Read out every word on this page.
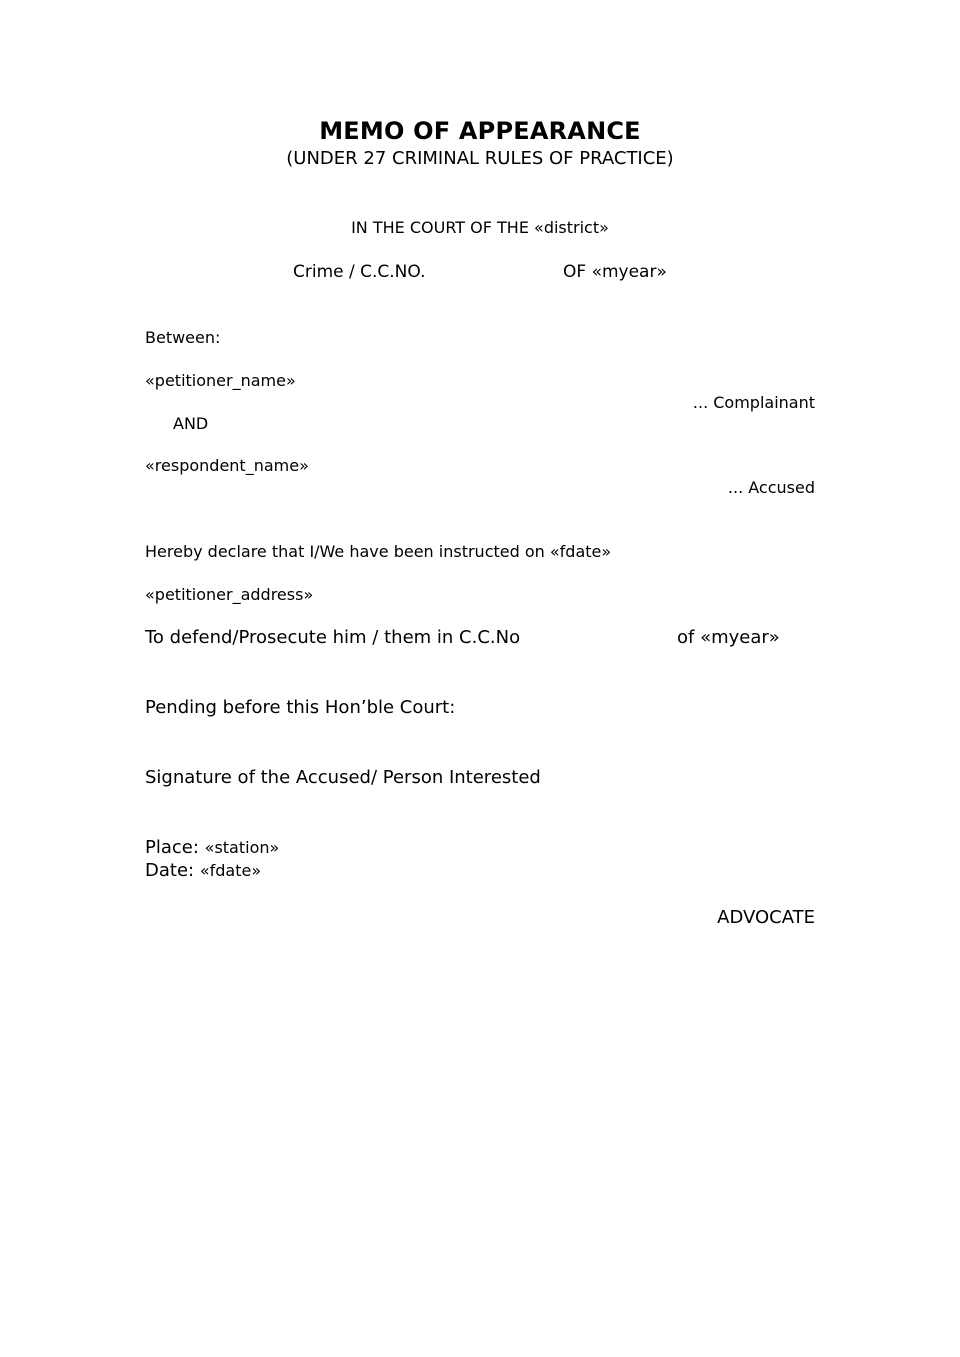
MEMO OF APPEARANCE
(UNDER 27 CRIMINAL RULES OF PRACTICE)
IN THE COURT OF THE «district»
Crime / C.C.NO.	OF «myear»
Between:
«petitioner_name»
... Complainant
AND
«respondent_name»
... Accused
Hereby declare that I/We have been instructed on «fdate»
«petitioner_address»
To defend/Prosecute him / them in C.C.No	of «myear»
Pending before this Hon’ble Court:
Signature of the Accused/ Person Interested
Place: «station»
Date: «fdate»
ADVOCATE
